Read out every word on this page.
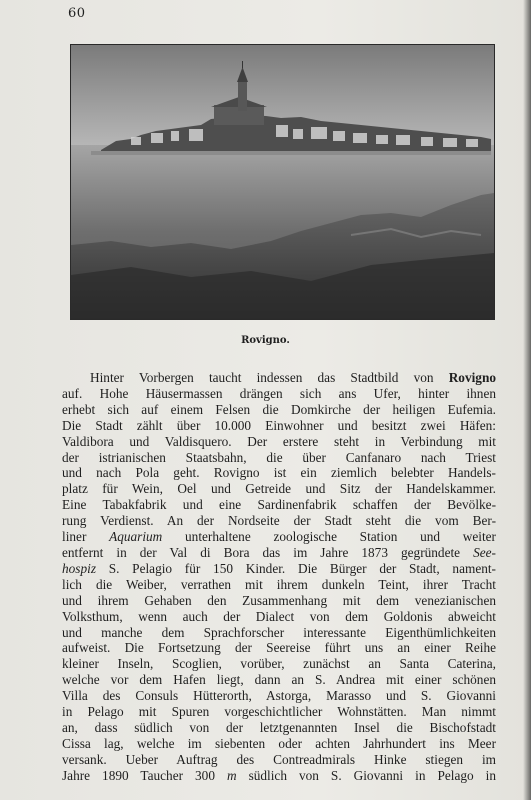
60
Rovigno.
Hinter Vorbergen taucht indessen das Stadtbild von Rovigno
auf. Hohe Häusermassen drängen sich ans Ufer, hinter ihnen
erhebt sich auf einem Felsen die Domkirche der heiligen Eufemia.
Die Stadt zählt über 10.000 Einwohner und besitzt zwei Häfen:
Valdibora und Valdisquero. Der erstere steht in Verbindung mit
der istrianischen Staatsbahn, die über Canfanaro nach Triest
und nach Pola geht. Rovigno ist ein ziemlich belebter Handels-
platz für Wein, Oel und Getreide und Sitz der Handelskammer.
Eine Tabakfabrik und eine Sardinenfabrik schaffen der Bevölke-
rung Verdienst. An der Nordseite der Stadt steht die vom Ber-
liner Aquarium unterhaltene zoologische Station und weiter
entfernt in der Val di Bora das im Jahre 1873 gegründete See-
hospiz S. Pelagio für 150 Kinder. Die Bürger der Stadt, nament-
lich die Weiber, verrathen mit ihrem dunkeln Teint, ihrer Tracht
und ihrem Gehaben den Zusammenhang mit dem venezianischen
Volksthum, wenn auch der Dialect von dem Goldonis abweicht
und manche dem Sprachforscher interessante Eigenthümlichkeiten
aufweist. Die Fortsetzung der Seereise führt uns an einer Reihe
kleiner Inseln, Scoglien, vorüber, zunächst an Santa Caterina,
welche vor dem Hafen liegt, dann an S. Andrea mit einer schönen
Villa des Consuls Hütterorth, Astorga, Marasso und S. Giovanni
in Pelago mit Spuren vorgeschichtlicher Wohnstätten. Man nimmt
an, dass südlich von der letztgenannten Insel die Bischofstadt
Cissa lag, welche im siebenten oder achten Jahrhundert ins Meer
versank. Ueber Auftrag des Contreadmirals Hinke stiegen im
Jahre 1890 Taucher 300 m südlich von S. Giovanni in Pelago in
